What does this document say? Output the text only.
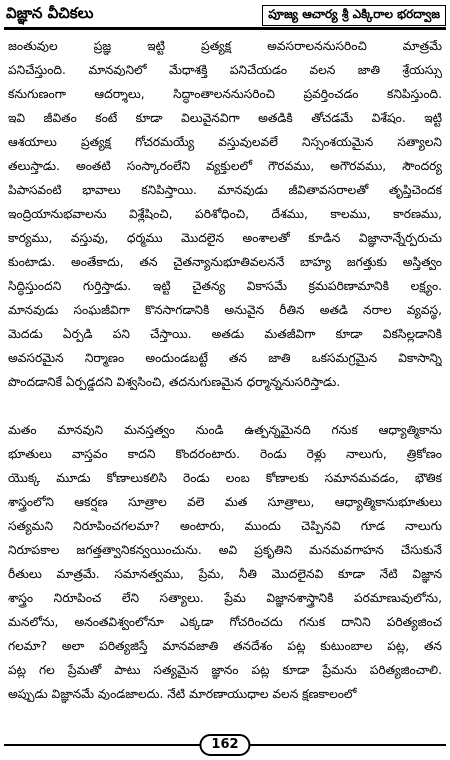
విజ్ఞాన వీచికలు	పూజ్య ఆచార్య శ్రీ ఎక్కిరాల భరద్వాజ
జంతువుల ప్రజ్ఞ ఇట్టి ప్రత్యక్ష అవసరాలననుసరించి మాత్రమే
పనిచేస్తుంది. మానవునిలో మేధాశక్తి పనిచేయడం వలన జాతి శ్రేయస్సు
కనుగుణంగా ఆదర్శాలు, సిద్ధాంతాలననుసరించి ప్రవర్తించడం కనిపిస్తుంది.
ఇవి జీవితం కంటే కూడా విలువైనవిగా అతడికి తోచడమే విశేషం. ఇట్టి
ఆశయాలు ప్రత్యక్ష గోచరమయ్యే వస్తువులవలే నిస్సంశయమైన సత్యాలని
తలుస్తాడు. అంతటి సంస్కారంలేని వ్యక్తులలో గౌరవము, అగౌరవము, సౌందర్య
పిపాసవంటి భావాలు కనిపిస్తాయి. మానవుడు జీవితావసరాలతో తృప్తిచెందక
ఇంద్రియానుభవాలను విశ్లేషించి, పరిశోధించి, దేశము, కాలము, కారణము,
కార్యము, వస్తువు, ధర్మము మొదలైన అంశాలతో కూడిన విజ్ఞానాన్నేర్పరుచు
కుంటాడు. అంతేకాదు, తన చైతన్యానుభూతివలననే బాహ్య జగత్తుకు అస్తిత్వం
సిద్ధిస్తుందని గుర్తిస్తాడు. ఇట్టి చైతన్య వికాసమే క్రమపరిణామానికి లక్ష్యం.
మానవుడు సంఘజీవిగా కొనసాగడానికి అనువైన రీతిన అతడి నరాల వ్యవస్థ,
మెదడు ఏర్పడి పని చేస్తాయి. అతడు మతజీవిగా కూడా వికసిల్లడానికి
అవసరమైన నిర్మాణం అందుండబట్టే తన జాతి ఒకసమగ్రమైన వికాసాన్ని
పొందడానికే ఏర్పడ్డదని విశ్వసించి, తదనుగుణమైన ధర్మాన్ననుసరిస్తాడు.
మతం మానవుని మనస్తత్వం నుండి ఉత్పన్నమైనది గనుక ఆధ్యాత్మికాను
భూతులు వాస్తవం కాదని కొందరంటారు. రెండు రెళ్లు నాలుగు, త్రికోణం
యొక్క మూడు కోణాలుకలిసి రెండు లంబ కోణాలకు సమానమవడం, భౌతిక
శాస్త్రంలోని ఆకర్షణ సూత్రాల వలె మత సూత్రాలు, ఆధ్యాత్మికానుభూతులు
సత్యమని నిరూపించగలమా? అంటారు, ముందు చెప్పినవి గూడ నాలుగు
నిరూపకాల జగత్తత్వానికన్వయించును. అవి ప్రకృతిని మనమవగాహన చేసుకునే
రీతులు మాత్రమే. సమానత్వము, ప్రేమ, నీతి మొదలైనవి కూడా నేటి విజ్ఞాన
శాస్త్రం నిరూపించ లేని సత్యాలు. ప్రేమ విజ్ఞానశాస్త్రానికి పరమాణువులోను,
మనలోను, అనంతవిశ్వంలోనూ ఎక్కడా గోచరించదు గనుక దానిని పరిత్యజించ
గలమా? అలా పరిత్యజిస్తే మానవజాతి తనదేశం పట్ల కుటుంబాల పట్ల, తన
పట్ల గల ప్రేమతో పాటు సత్యమైన జ్ఞానం పట్ల కూడా ప్రేమను పరిత్యజించాలి.
అప్పుడు విజ్ఞానమే వుండజాలదు. నేటి మారణాయుధాల వలన క్షణకాలంలో
162
